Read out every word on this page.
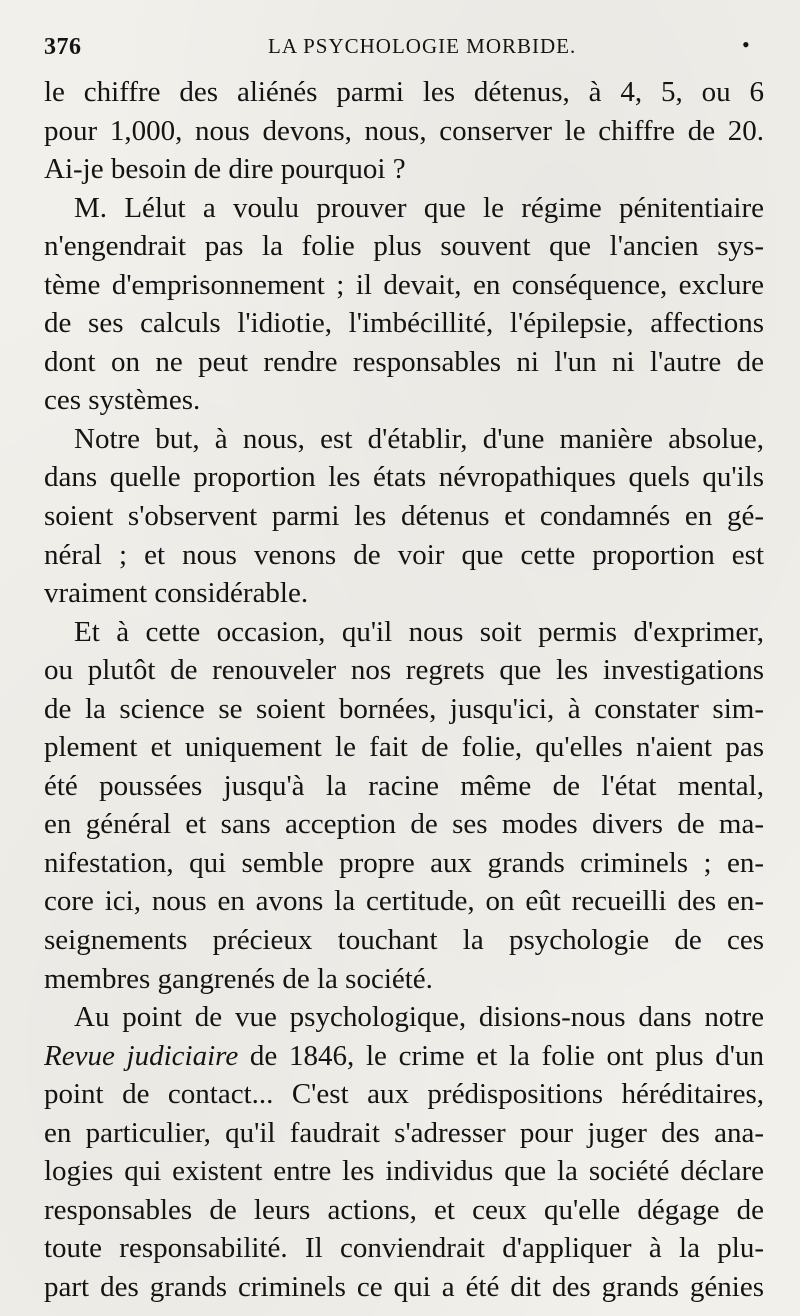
376	LA PSYCHOLOGIE MORBIDE.	•
le chiffre des aliénés parmi les détenus, à 4, 5, ou 6
pour 1,000, nous devons, nous, conserver le chiffre de 20.
Ai-je besoin de dire pourquoi ?
M. Lélut a voulu prouver que le régime pénitentiaire
n'engendrait pas la folie plus souvent que l'ancien sys-
tème d'emprisonnement ; il devait, en conséquence, exclure
de ses calculs l'idiotie, l'imbécillité, l'épilepsie, affections
dont on ne peut rendre responsables ni l'un ni l'autre de
ces systèmes.
Notre but, à nous, est d'établir, d'une manière absolue,
dans quelle proportion les états névropathiques quels qu'ils
soient s'observent parmi les détenus et condamnés en gé-
néral ; et nous venons de voir que cette proportion est
vraiment considérable.
Et à cette occasion, qu'il nous soit permis d'exprimer,
ou plutôt de renouveler nos regrets que les investigations
de la science se soient bornées, jusqu'ici, à constater sim-
plement et uniquement le fait de folie, qu'elles n'aient pas
été poussées jusqu'à la racine même de l'état mental,
en général et sans acception de ses modes divers de ma-
nifestation, qui semble propre aux grands criminels ; en-
core ici, nous en avons la certitude, on eût recueilli des en-
seignements précieux touchant la psychologie de ces
membres gangrenés de la société.
Au point de vue psychologique, disions-nous dans notre
Revue judiciaire de 1846, le crime et la folie ont plus d'un
point de contact... C'est aux prédispositions héréditaires,
en particulier, qu'il faudrait s'adresser pour juger des ana-
logies qui existent entre les individus que la société déclare
responsables de leurs actions, et ceux qu'elle dégage de
toute responsabilité. Il conviendrait d'appliquer à la plu-
part des grands criminels ce qui a été dit des grands génies
